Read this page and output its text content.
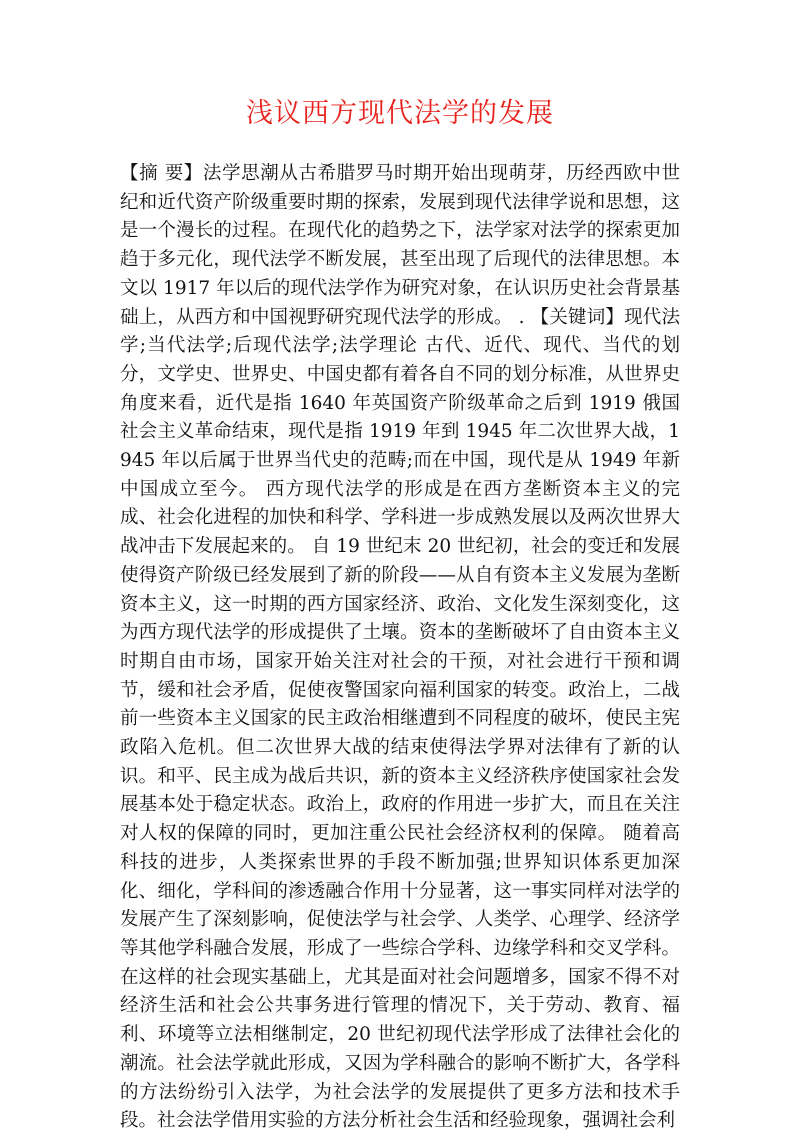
浅议西方现代法学的发展

【摘 要】法学思潮从古希腊罗马时期开始出现萌芽，历经西欧中世纪和近代资产阶级重要时期的探索，发展到现代法律学说和思想，这是一个漫长的过程。在现代化的趋势之下，法学家对法学的探索更加趋于多元化，现代法学不断发展，甚至出现了后现代的法律思想。本文以 1917 年以后的现代法学作为研究对象，在认识历史社会背景基础上，从西方和中国视野研究现代法学的形成。 . 【关键词】现代法学;当代法学;后现代法学;法学理论 古代、近代、现代、当代的划分，文学史、世界史、中国史都有着各自不同的划分标准，从世界史角度来看，近代是指 1640 年英国资产阶级革命之后到 1919 俄国社会主义革命结束，现代是指 1919 年到 1945 年二次世界大战，1945 年以后属于世界当代史的范畴;而在中国，现代是从 1949 年新中国成立至今。 西方现代法学的形成是在西方垄断资本主义的完成、社会化进程的加快和科学、学科进一步成熟发展以及两次世界大战冲击下发展起来的。 自 19 世纪末 20 世纪初，社会的变迁和发展使得资产阶级已经发展到了新的阶段——从自有资本主义发展为垄断资本主义，这一时期的西方国家经济、政治、文化发生深刻变化，这为西方现代法学的形成提供了土壤。资本的垄断破坏了自由资本主义时期自由市场，国家开始关注对社会的干预，对社会进行干预和调节，缓和社会矛盾，促使夜警国家向福利国家的转变。政治上，二战前一些资本主义国家的民主政治相继遭到不同程度的破坏，使民主宪政陷入危机。但二次世界大战的结束使得法学界对法律有了新的认识。和平、民主成为战后共识，新的资本主义经济秩序使国家社会发展基本处于稳定状态。政治上，政府的作用进一步扩大，而且在关注对人权的保障的同时，更加注重公民社会经济权利的保障。 随着高科技的进步，人类探索世界的手段不断加强;世界知识体系更加深化、细化，学科间的渗透融合作用十分显著，这一事实同样对法学的发展产生了深刻影响，促使法学与社会学、人类学、心理学、经济学等其他学科融合发展，形成了一些综合学科、边缘学科和交叉学科。 在这样的社会现实基础上，尤其是面对社会问题增多，国家不得不对经济生活和社会公共事务进行管理的情况下，关于劳动、教育、福利、环境等立法相继制定，20 世纪初现代法学形成了法律社会化的潮流。社会法学就此形成，又因为学科融合的影响不断扩大，各学科的方法纷纷引入法学，为社会法学的发展提供了更多方法和技术手段。社会法学借用实验的方法分析社会生活和经验现象，强调社会利
